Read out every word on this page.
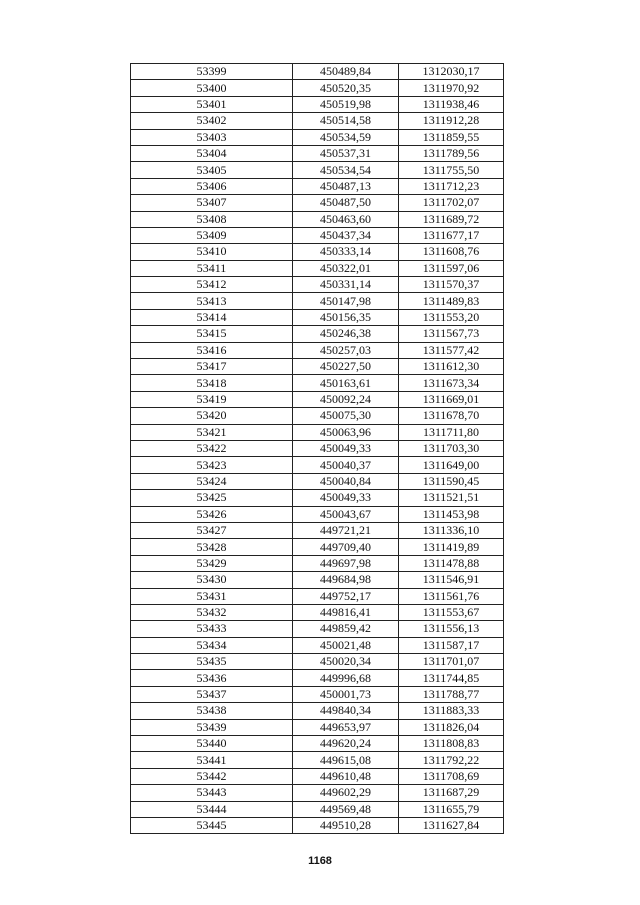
53399	450489,84	1312030,17
53400	450520,35	1311970,92
53401	450519,98	1311938,46
53402	450514,58	1311912,28
53403	450534,59	1311859,55
53404	450537,31	1311789,56
53405	450534,54	1311755,50
53406	450487,13	1311712,23
53407	450487,50	1311702,07
53408	450463,60	1311689,72
53409	450437,34	1311677,17
53410	450333,14	1311608,76
53411	450322,01	1311597,06
53412	450331,14	1311570,37
53413	450147,98	1311489,83
53414	450156,35	1311553,20
53415	450246,38	1311567,73
53416	450257,03	1311577,42
53417	450227,50	1311612,30
53418	450163,61	1311673,34
53419	450092,24	1311669,01
53420	450075,30	1311678,70
53421	450063,96	1311711,80
53422	450049,33	1311703,30
53423	450040,37	1311649,00
53424	450040,84	1311590,45
53425	450049,33	1311521,51
53426	450043,67	1311453,98
53427	449721,21	1311336,10
53428	449709,40	1311419,89
53429	449697,98	1311478,88
53430	449684,98	1311546,91
53431	449752,17	1311561,76
53432	449816,41	1311553,67
53433	449859,42	1311556,13
53434	450021,48	1311587,17
53435	450020,34	1311701,07
53436	449996,68	1311744,85
53437	450001,73	1311788,77
53438	449840,34	1311883,33
53439	449653,97	1311826,04
53440	449620,24	1311808,83
53441	449615,08	1311792,22
53442	449610,48	1311708,69
53443	449602,29	1311687,29
53444	449569,48	1311655,79
53445	449510,28	1311627,84
1168
